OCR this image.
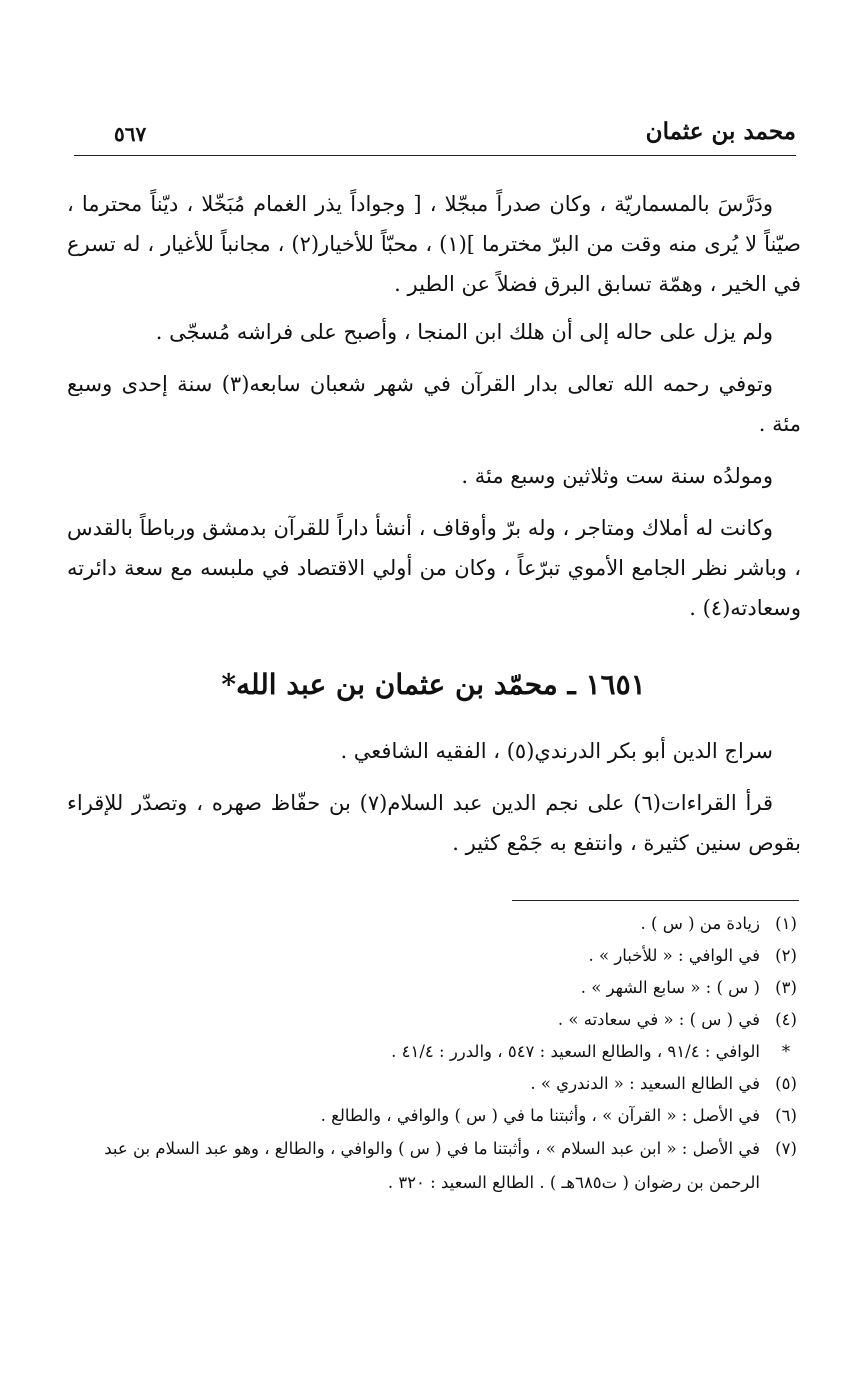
محمد بن عثمان
٥٦٧

ودَرَّسَ بالمسماريّة ، وكان صدراً مبجّلا ، [ وجواداً يذر الغمام مُبَخّلا ، ديّناً محترما ، صيّناً لا يُرى منه وقت من البرّ مخترما ](١) ، محبّاً للأخيار(٢) ، مجانباً للأغيار ، له تسرع في الخير ، وهمّة تسابق البرق فضلاً عن الطير .

ولم يزل على حاله إلى أن هلك ابن المنجا ، وأصبح على فراشه مُسجّى .

وتوفي رحمه الله تعالى بدار القرآن في شهر شعبان سابعه(٣) سنة إحدى وسبع مئة .

ومولدُه سنة ست وثلاثين وسبع مئة .

وكانت له أملاك ومتاجر ، وله برّ وأوقاف ، أنشأ داراً للقرآن بدمشق ورباطاً بالقدس ، وباشر نظر الجامع الأموي تبرّعاً ، وكان من أولي الاقتصاد في ملبسه مع سعة دائرته وسعادته(٤) .

١٦٥١ ـ محمّد بن عثمان بن عبد الله*

سراج الدين أبو بكر الدرندي(٥) ، الفقيه الشافعي .

قرأ القراءات(٦) على نجم الدين عبد السلام(٧) بن حفّاظ صهره ، وتصدّر للإقراء بقوص سنين كثيرة ، وانتفع به جَمْع كثير .

(١)
زيادة من ( س ) .
(٢)
في الوافي : « للأخبار » .
(٣)
( س ) : « سابع الشهر » .
(٤)
في ( س ) : « في سعادته » .
*
الوافي : ٩١/٤ ، والطالع السعيد : ٥٤٧ ، والدرر : ٤١/٤ .
(٥)
في الطالع السعيد : « الدندري » .
(٦)
في الأصل : « القرآن » ، وأثبتنا ما في ( س ) والوافي ، والطالع .
(٧)
في الأصل : « ابن عبد السلام » ، وأثبتنا ما في ( س ) والوافي ، والطالع ، وهو عبد السلام بن عبد الرحمن بن رضوان ( ت٦٨٥هـ ) . الطالع السعيد : ٣٢٠ .
